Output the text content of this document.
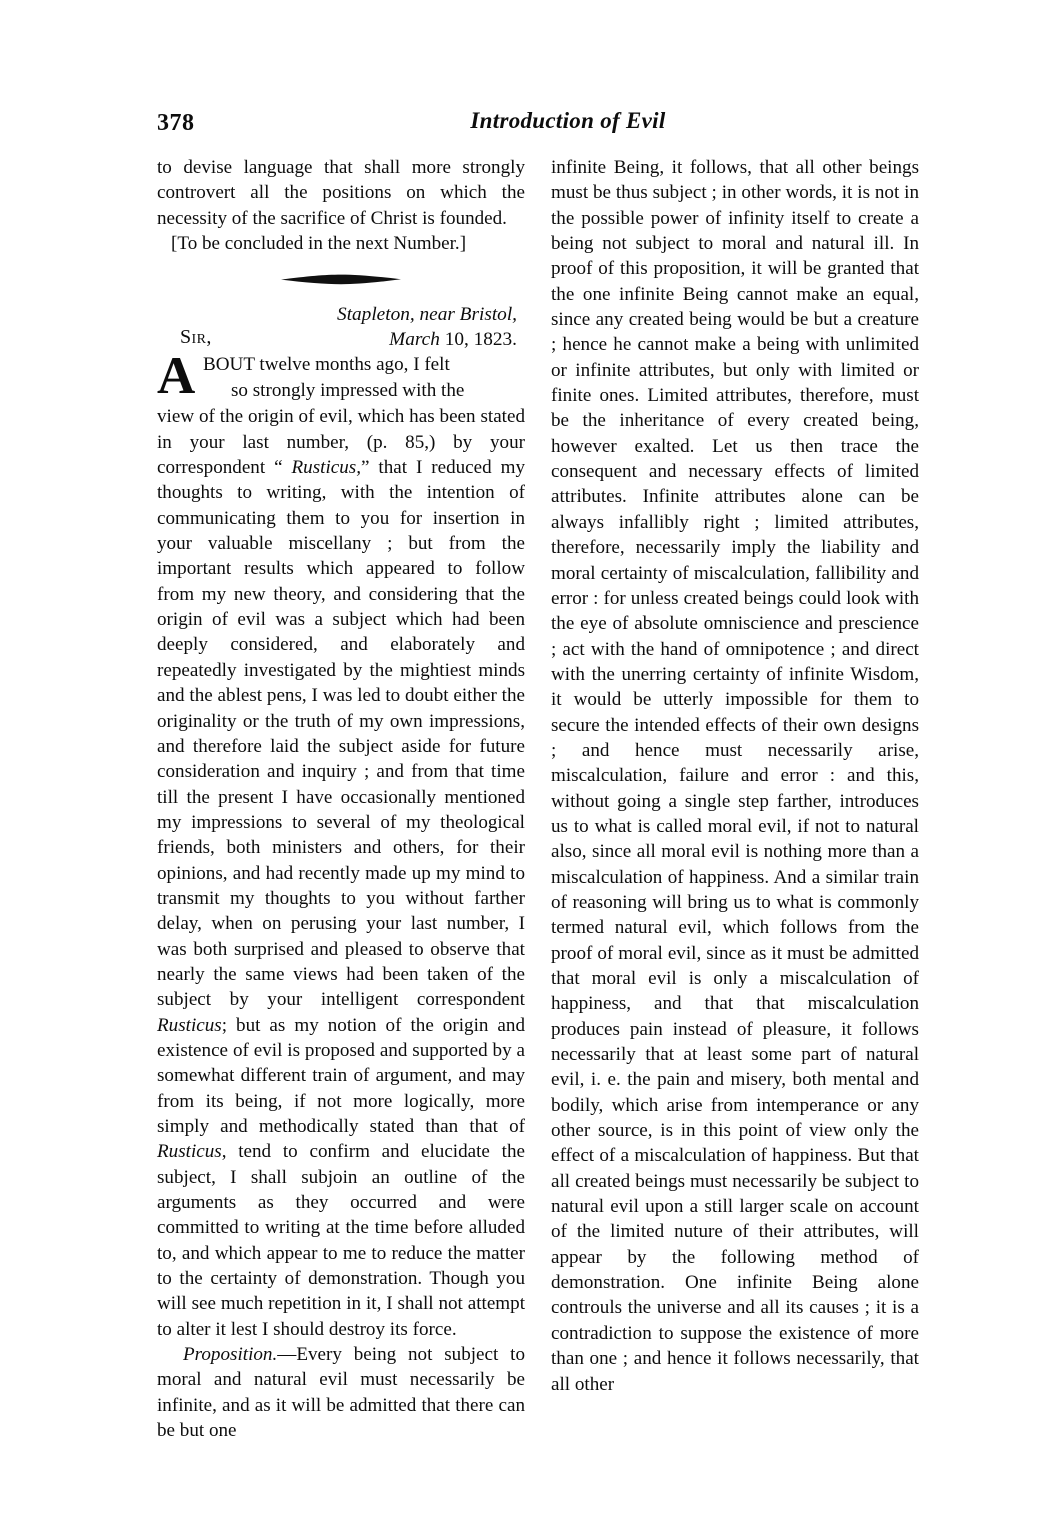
378	Introduction of Evil

to devise language that shall more strongly controvert all the positions on which the necessity of the sacrifice of Christ is founded.

[To be concluded in the next Number.]

Stapleton, near Bristol,
March 10, 1823.
Sir,
A BOUT twelve months ago, I felt
so strongly impressed with the

view of the origin of evil, which has been stated in your last number, (p. 85,) by your correspondent “ Rusticus,” that I reduced my thoughts to writing, with the intention of communicating them to you for insertion in your valuable miscellany ; but from the important results which appeared to follow from my new theory, and considering that the origin of evil was a subject which had been deeply considered, and elaborately and repeatedly investigated by the mightiest minds and the ablest pens, I was led to doubt either the originality or the truth of my own impressions, and therefore laid the subject aside for future consideration and inquiry ; and from that time till the present I have occasionally mentioned my impressions to several of my theological friends, both ministers and others, for their opinions, and had recently made up my mind to transmit my thoughts to you without farther delay, when on perusing your last number, I was both surprised and pleased to observe that nearly the same views had been taken of the subject by your intelligent correspondent Rusticus; but as my notion of the origin and existence of evil is proposed and supported by a somewhat different train of argument, and may from its being, if not more logically, more simply and methodically stated than that of Rusticus, tend to confirm and elucidate the subject, I shall subjoin an outline of the arguments as they occurred and were committed to writing at the time before alluded to, and which appear to me to reduce the matter to the certainty of demonstration. Though you will see much repetition in it, I shall not attempt to alter it lest I should destroy its force.

Proposition.—Every being not subject to moral and natural evil must necessarily be infinite, and as it will be admitted that there can be but one

infinite Being, it follows, that all other beings must be thus subject ; in other words, it is not in the possible power of infinity itself to create a being not subject to moral and natural ill. In proof of this proposition, it will be granted that the one infinite Being cannot make an equal, since any created being would be but a creature ; hence he cannot make a being with unlimited or infinite attributes, but only with limited or finite ones. Limited attributes, therefore, must be the inheritance of every created being, however exalted. Let us then trace the consequent and necessary effects of limited attributes. Infinite attributes alone can be always infallibly right ; limited attributes, therefore, necessarily imply the liability and moral certainty of miscalculation, fallibility and error : for unless created beings could look with the eye of absolute omniscience and prescience ; act with the hand of omnipotence ; and direct with the unerring certainty of infinite Wisdom, it would be utterly impossible for them to secure the intended effects of their own designs ; and hence must necessarily arise, miscalculation, failure and error : and this, without going a single step farther, introduces us to what is called moral evil, if not to natural also, since all moral evil is nothing more than a miscalculation of happiness. And a similar train of reasoning will bring us to what is commonly termed natural evil, which follows from the proof of moral evil, since as it must be admitted that moral evil is only a miscalculation of happiness, and that that miscalculation produces pain instead of pleasure, it follows necessarily that at least some part of natural evil, i. e. the pain and misery, both mental and bodily, which arise from intemperance or any other source, is in this point of view only the effect of a miscalculation of happiness. But that all created beings must necessarily be subject to natural evil upon a still larger scale on account of the limited nuture of their attributes, will appear by the following method of demonstration. One infinite Being alone controuls the universe and all its causes ; it is a contradiction to suppose the existence of more than one ; and hence it follows necessarily, that all other
